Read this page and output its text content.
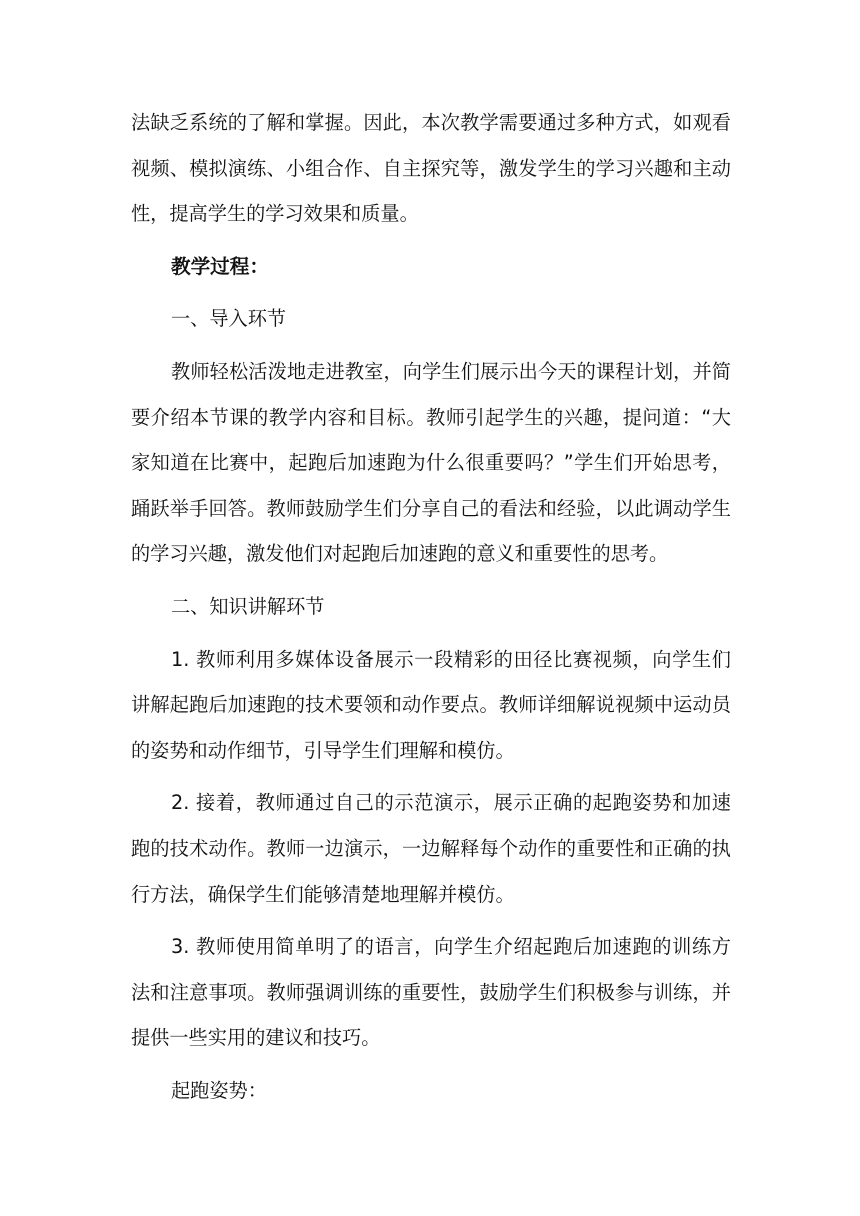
法缺乏系统的了解和掌握。因此，本次教学需要通过多种方式，如观看视频、模拟演练、小组合作、自主探究等，激发学生的学习兴趣和主动性，提高学生的学习效果和质量。

教学过程：

一、导入环节

教师轻松活泼地走进教室，向学生们展示出今天的课程计划，并简要介绍本节课的教学内容和目标。教师引起学生的兴趣，提问道：“大家知道在比赛中，起跑后加速跑为什么很重要吗？”学生们开始思考，踊跃举手回答。教师鼓励学生们分享自己的看法和经验，以此调动学生的学习兴趣，激发他们对起跑后加速跑的意义和重要性的思考。

二、知识讲解环节

1. 教师利用多媒体设备展示一段精彩的田径比赛视频，向学生们讲解起跑后加速跑的技术要领和动作要点。教师详细解说视频中运动员的姿势和动作细节，引导学生们理解和模仿。

2. 接着，教师通过自己的示范演示，展示正确的起跑姿势和加速跑的技术动作。教师一边演示，一边解释每个动作的重要性和正确的执行方法，确保学生们能够清楚地理解并模仿。

3. 教师使用简单明了的语言，向学生介绍起跑后加速跑的训练方法和注意事项。教师强调训练的重要性，鼓励学生们积极参与训练，并提供一些实用的建议和技巧。

起跑姿势：
